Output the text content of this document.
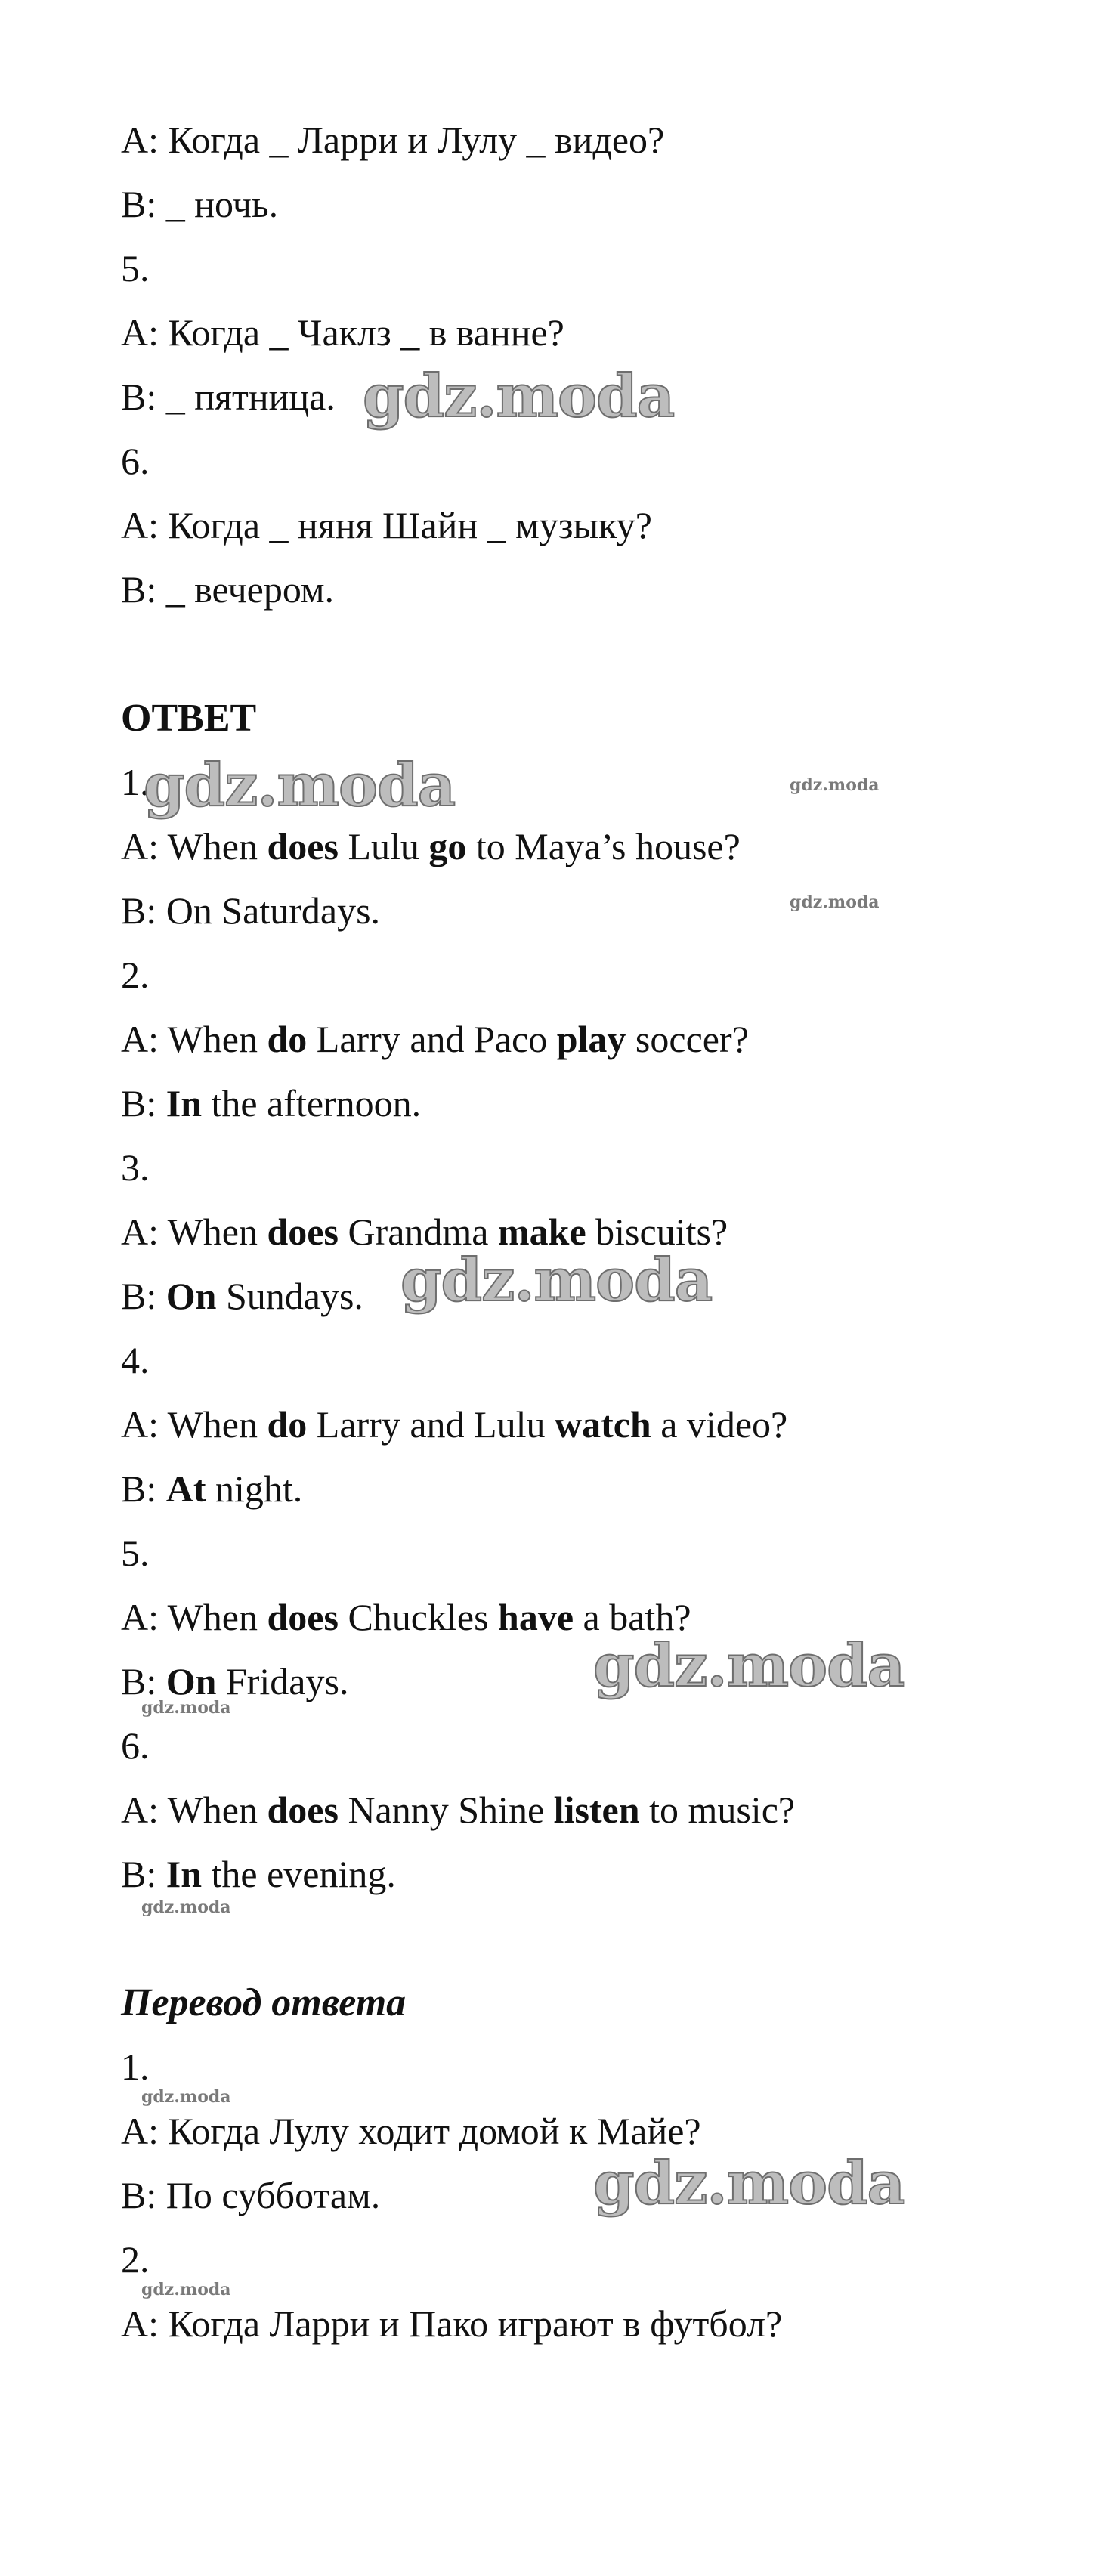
A: Когда _ Ларри и Лулу _ видео?
B: _ ночь.
5.
A: Когда _ Чаклз _ в ванне?
B: _ пятница.
6.
A: Когда _ няня Шайн _ музыку?
B: _ вечером.
ОТВЕТ
1.
A: When does Lulu go to Maya’s house?
B: On Saturdays.
2.
A: When do Larry and Paco play soccer?
B: In the afternoon.
3.
A: When does Grandma make biscuits?
B: On Sundays.
4.
A: When do Larry and Lulu watch a video?
B: At night.
5.
A: When does Chuckles have a bath?
B: On Fridays.
6.
A: When does Nanny Shine listen to music?
B: In the evening.
Перевод ответа
1.
A: Когда Лулу ходит домой к Майе?
B: По субботам.
2.
A: Когда Ларри и Пако играют в футбол?
gdz.moda
gdz.moda	gdz.moda
gdz.moda
gdz.moda
gdz.moda
gdz.moda
gdz.moda
gdz.moda
gdz.moda
gdz.moda
